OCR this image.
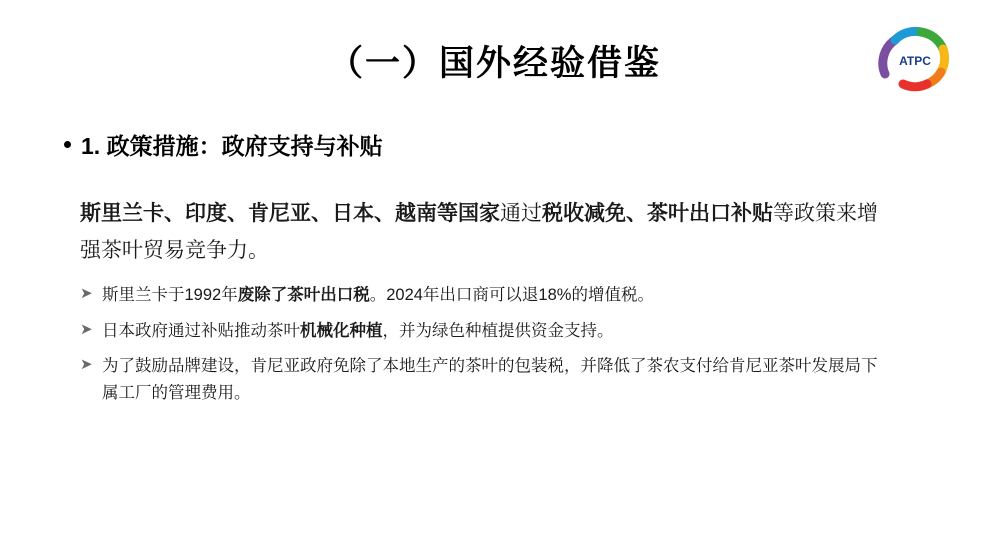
ATPC
（一）国外经验借鉴
1. 政策措施：政府支持与补贴
斯里兰卡、印度、肯尼亚、日本、越南等国家通过税收减免、茶叶出口补贴等政策来增强茶叶贸易竞争力。
➤ 斯里兰卡于1992年废除了茶叶出口税。2024年出口商可以退18%的增值税。
➤ 日本政府通过补贴推动茶叶机械化种植，并为绿色种植提供资金支持。
➤ 为了鼓励品牌建设，肯尼亚政府免除了本地生产的茶叶的包装税，并降低了茶农支付给肯尼亚茶叶发展局下属工厂的管理费用。
